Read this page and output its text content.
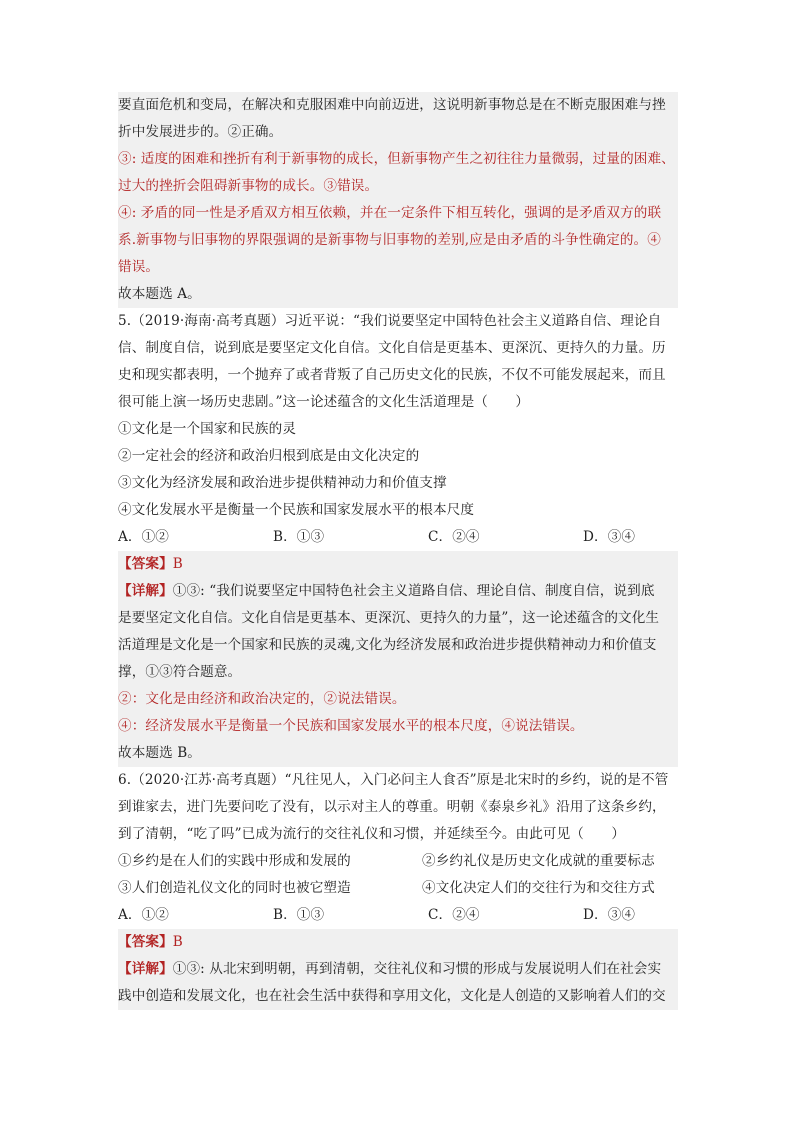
要直面危机和变局，在解决和克服困难中向前迈进，这说明新事物总是在不断克服困难与挫
折中发展进步的。②正确。
③: 适度的困难和挫折有利于新事物的成长，但新事物产生之初往往力量微弱，过量的困难、
过大的挫折会阻碍新事物的成长。③错误。
④: 矛盾的同一性是矛盾双方相互依赖，并在一定条件下相互转化，强调的是矛盾双方的联
系.新事物与旧事物的界限强调的是新事物与旧事物的差别,应是由矛盾的斗争性确定的。④
错误。
故本题选 A。
5.（2019·海南·高考真题）习近平说：“我们说要坚定中国特色社会主义道路自信、理论自
信、制度自信，说到底是要坚定文化自信。文化自信是更基本、更深沉、更持久的力量。历
史和现实都表明，一个抛弃了或者背叛了自己历史文化的民族，不仅不可能发展起来，而且
很可能上演一场历史悲剧。”这一论述蕴含的文化生活道理是（　　）
①文化是一个国家和民族的灵
②一定社会的经济和政治归根到底是由文化决定的
③文化为经济发展和政治进步提供精神动力和价值支撑
④文化发展水平是衡量一个民族和国家发展水平的根本尺度
A．①②	B．①③	C．②④	D．③④
【答案】B
【详解】①③: “我们说要坚定中国特色社会主义道路自信、理论自信、制度自信，说到底
是要坚定文化自信。文化自信是更基本、更深沉、更持久的力量”，这一论述蕴含的文化生
活道理是文化是一个国家和民族的灵魂,文化为经济发展和政治进步提供精神动力和价值支
撑，①③符合题意。
②：文化是由经济和政治决定的，②说法错误。
④：经济发展水平是衡量一个民族和国家发展水平的根本尺度，④说法错误。
故本题选 B。
6.（2020·江苏·高考真题）“凡往见人，入门必问主人食否”原是北宋时的乡约，说的是不管
到谁家去，进门先要问吃了没有，以示对主人的尊重。明朝《泰泉乡礼》沿用了这条乡约，
到了清朝，“吃了吗”已成为流行的交往礼仪和习惯，并延续至今。由此可见（　　）
①乡约是在人们的实践中形成和发展的	②乡约礼仪是历史文化成就的重要标志
③人们创造礼仪文化的同时也被它塑造	④文化决定人们的交往行为和交往方式
A．①②	B．①③	C．②④	D．③④
【答案】B
【详解】①③: 从北宋到明朝，再到清朝，交往礼仪和习惯的形成与发展说明人们在社会实
践中创造和发展文化，也在社会生活中获得和享用文化，文化是人创造的又影响着人们的交
